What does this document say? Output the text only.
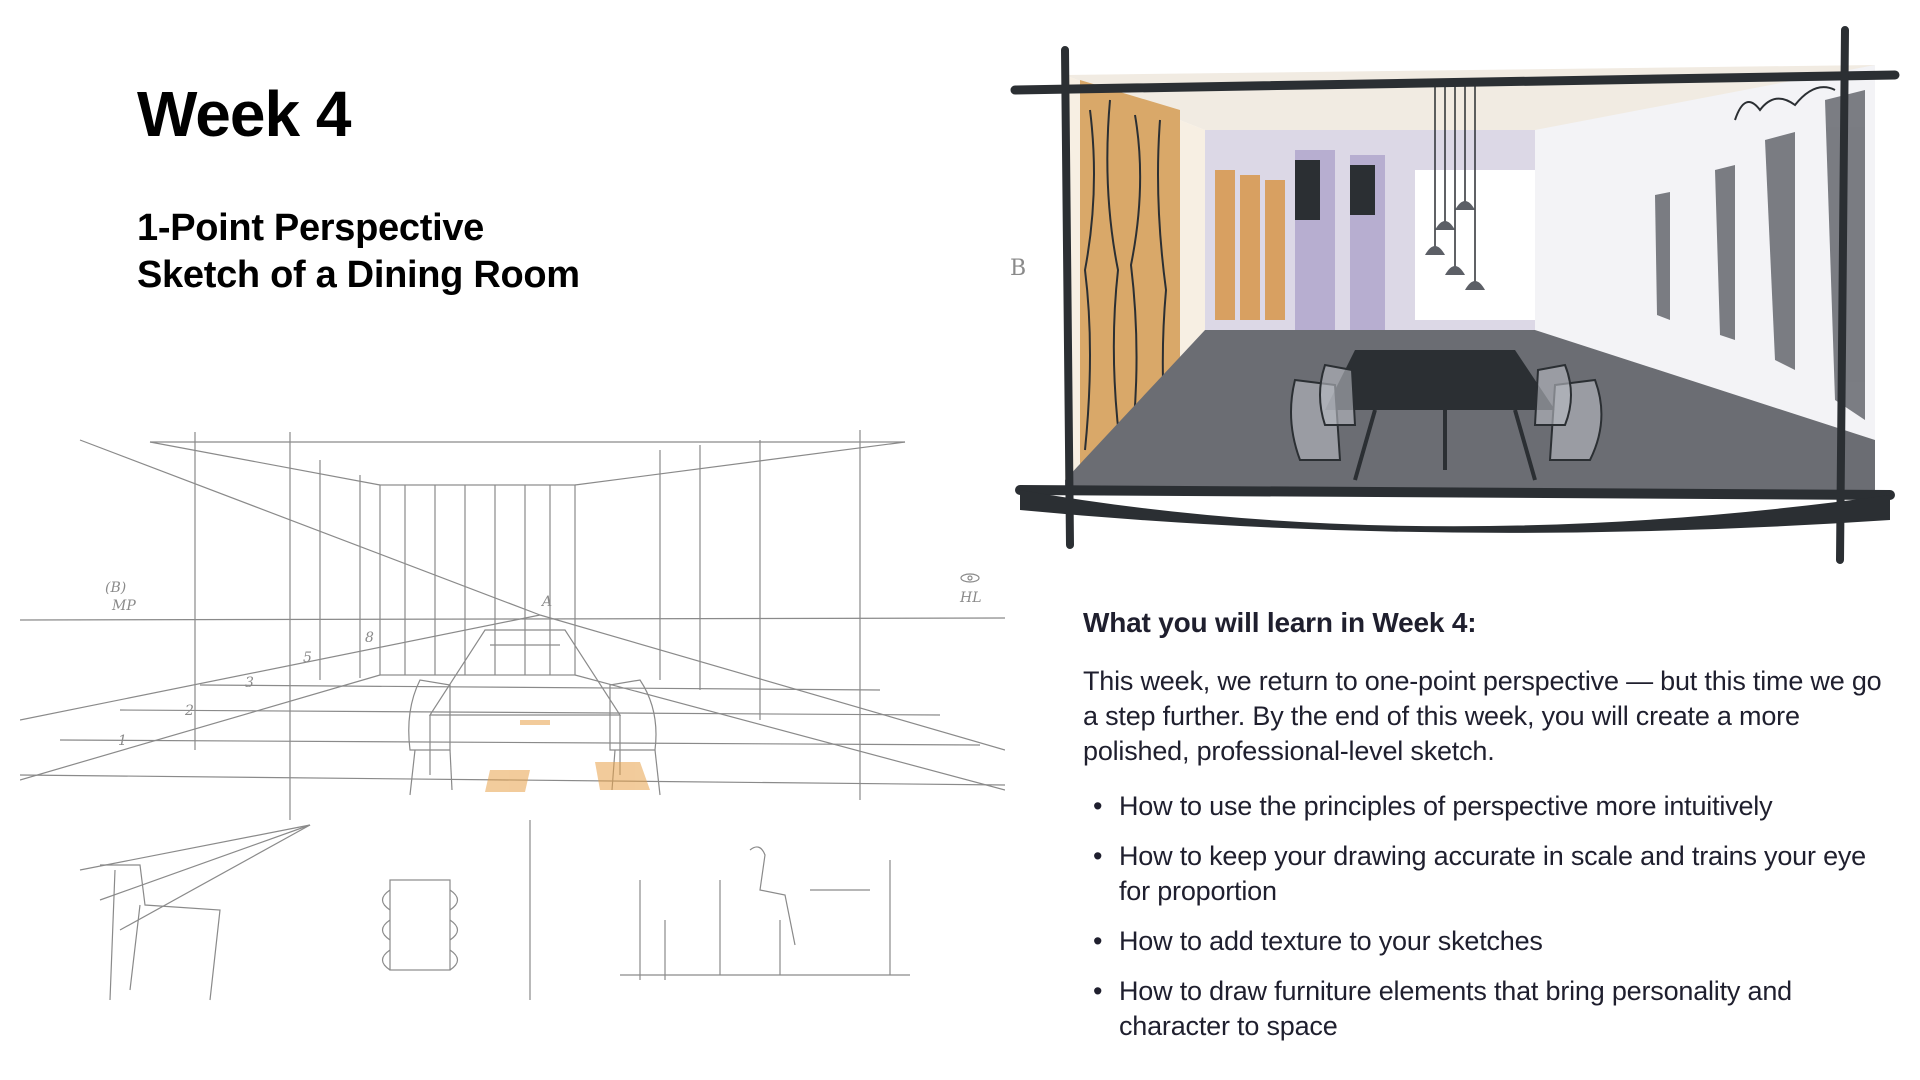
Week 4
1-Point Perspective
Sketch of a Dining Room
(B)
MP	HL
A
1
2
3
5
8
B
What you will learn in Week 4:

This week, we return to one-point perspective — but this time we go a step further. By the end of this week, you will create a more polished, professional-level sketch.

• How to use the principles of perspective more intuitively
• How to keep your drawing accurate in scale and trains your eye for proportion
• How to add texture to your sketches
• How to draw furniture elements that bring personality and character to space
